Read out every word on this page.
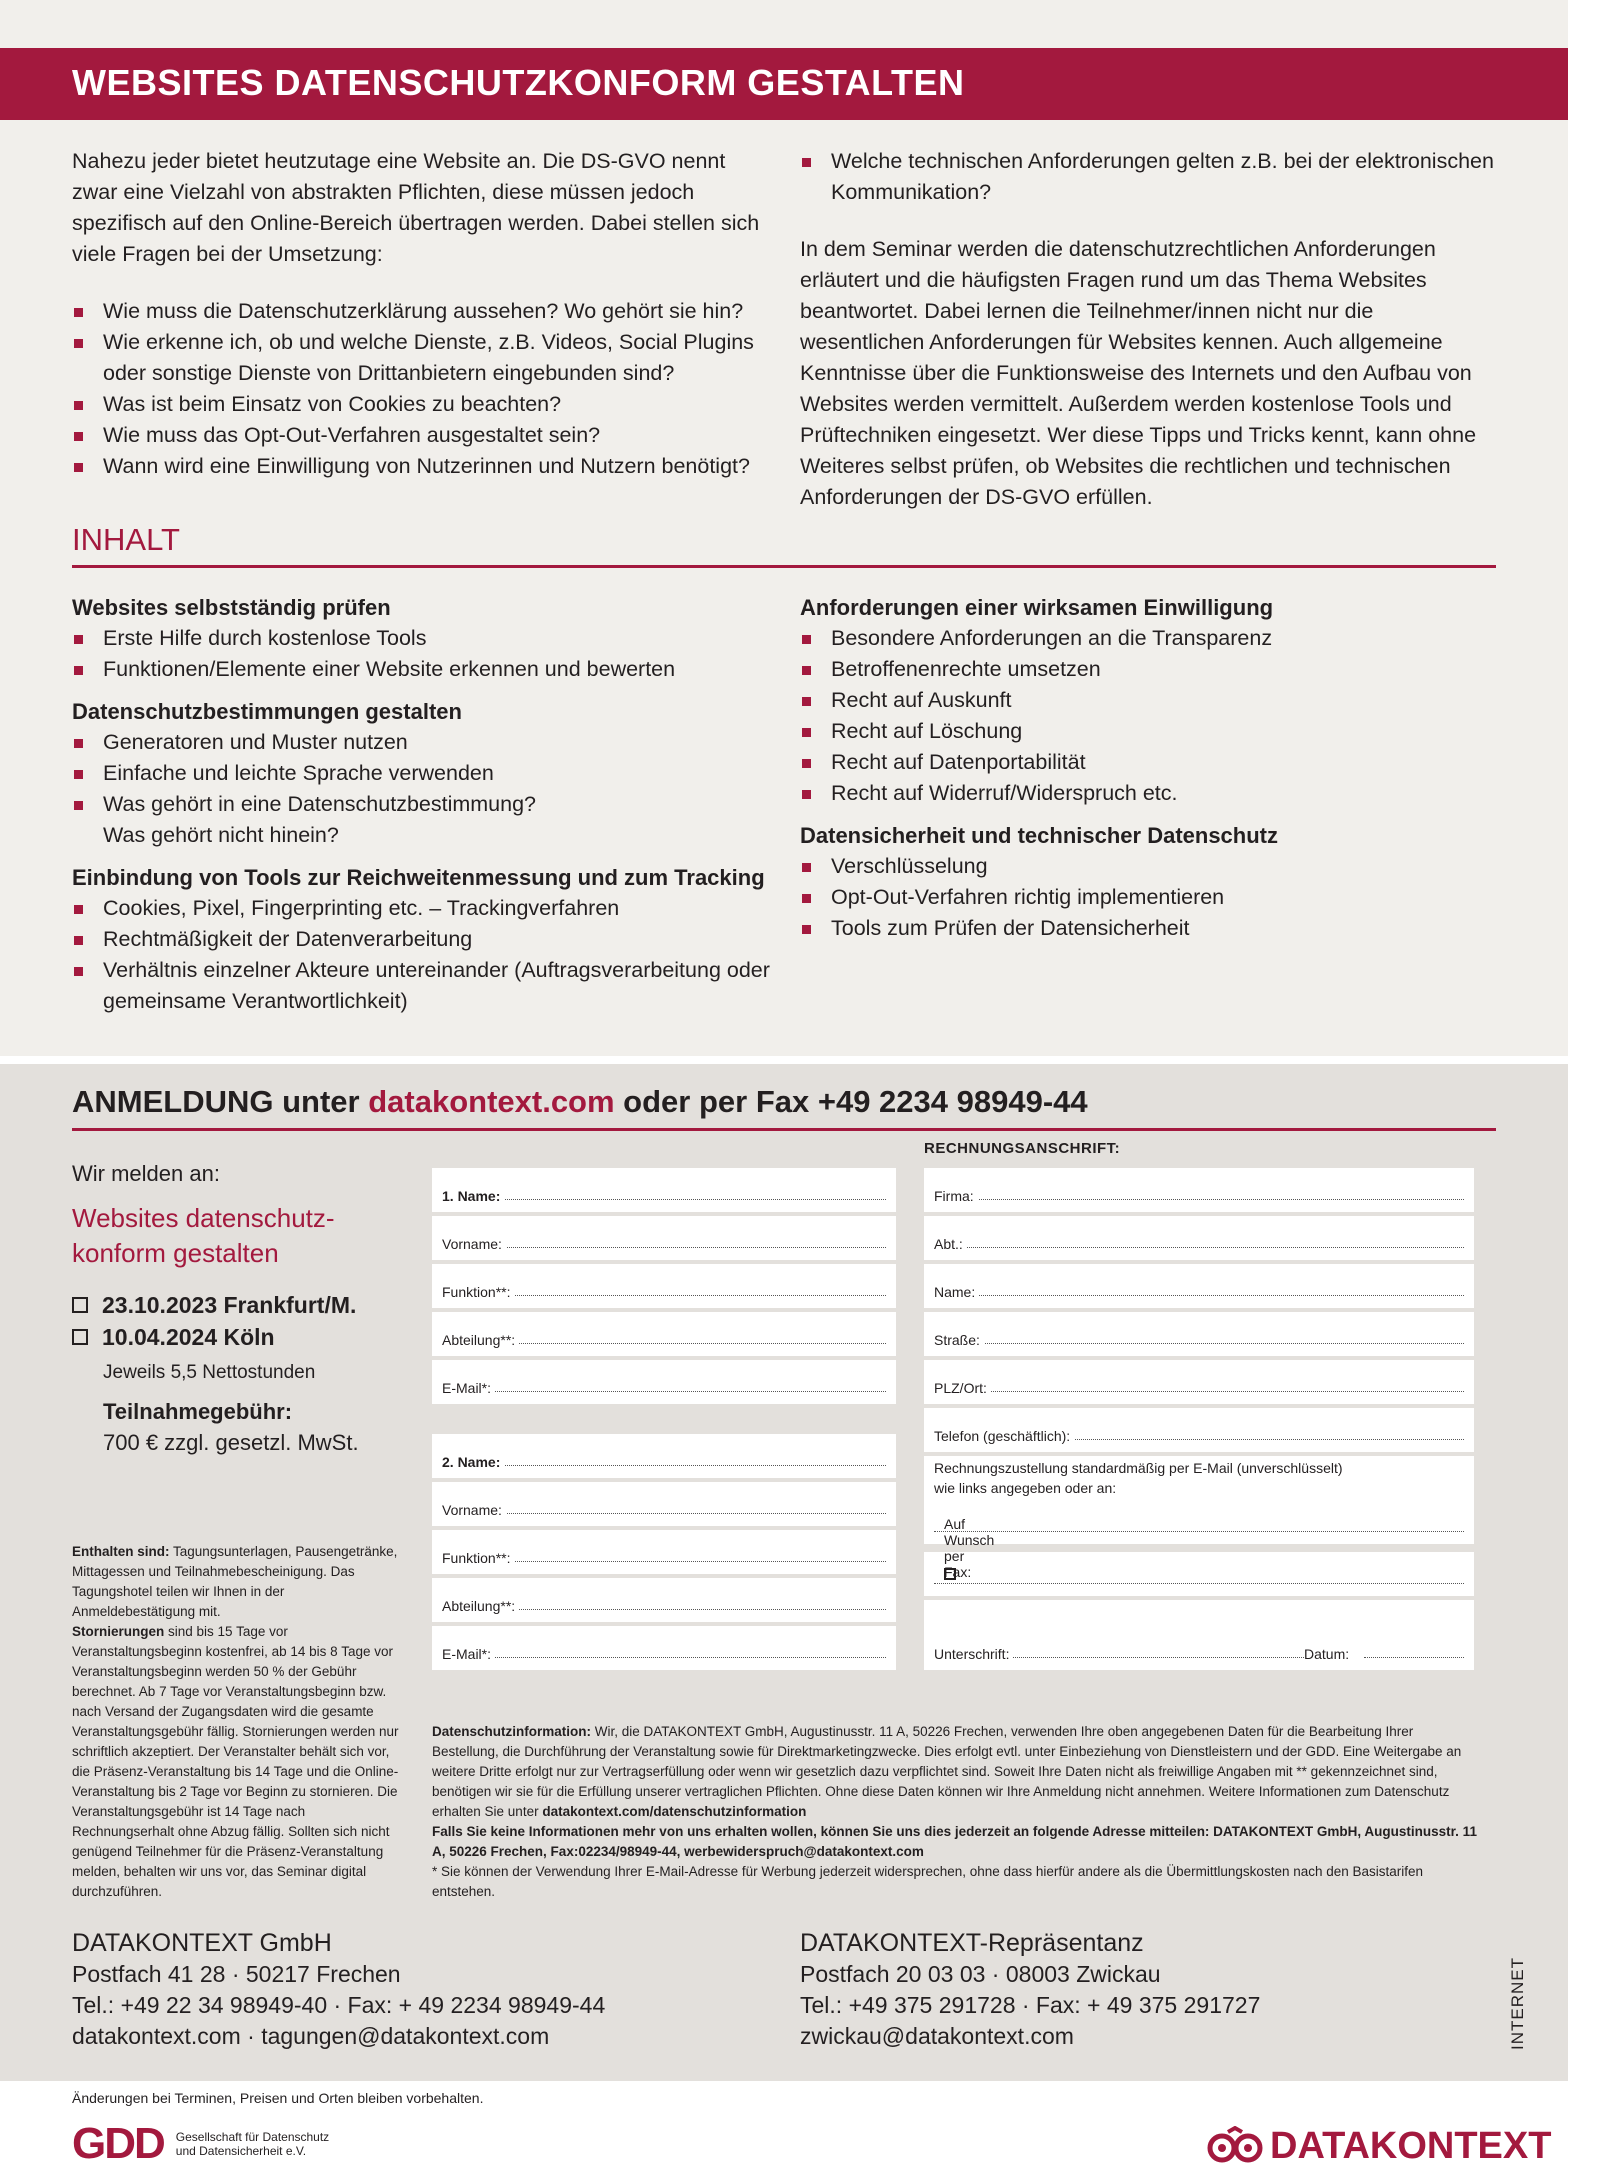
WEBSITES DATENSCHUTZKONFORM GESTALTEN

Nahezu jeder bietet heutzutage eine Website an. Die DS-GVO nennt zwar eine Vielzahl von abstrakten Pflichten, diese müssen jedoch spezifisch auf den Online-Bereich übertragen werden. Dabei stellen sich viele Fragen bei der Umsetzung:

Wie muss die Datenschutzerklärung aussehen? Wo gehört sie hin?
Wie erkenne ich, ob und welche Dienste, z.B. Videos, Social Plugins oder sonstige Dienste von Drittanbietern eingebunden sind?
Was ist beim Einsatz von Cookies zu beachten?
Wie muss das Opt-Out-Verfahren ausgestaltet sein?
Wann wird eine Einwilligung von Nutzerinnen und Nutzern benötigt?
Welche technischen Anforderungen gelten z.B. bei der elektronischen Kommunikation?

In dem Seminar werden die datenschutzrechtlichen Anforderungen erläutert und die häufigsten Fragen rund um das Thema Websites beantwortet. Dabei lernen die Teilnehmer/innen nicht nur die wesentlichen Anforderungen für Websites kennen. Auch allgemeine Kenntnisse über die Funktionsweise des Internets und den Aufbau von Websites werden vermittelt. Außerdem werden kostenlose Tools und Prüftechniken eingesetzt. Wer diese Tipps und Tricks kennt, kann ohne Weiteres selbst prüfen, ob Websites die rechtlichen und technischen Anforderungen der DS-GVO erfüllen.

INHALT
Websites selbstständig prüfen
Erste Hilfe durch kostenlose Tools
Funktionen/Elemente einer Website erkennen und bewerten
Datenschutzbestimmungen gestalten
Generatoren und Muster nutzen
Einfache und leichte Sprache verwenden
Was gehört in eine Datenschutzbestimmung? Was gehört nicht hinein?
Einbindung von Tools zur Reichweitenmessung und zum Tracking
Cookies, Pixel, Fingerprinting etc. – Trackingverfahren
Rechtmäßigkeit der Datenverarbeitung
Verhältnis einzelner Akteure untereinander (Auftragsverarbeitung oder gemeinsame Verantwortlichkeit)
Anforderungen einer wirksamen Einwilligung
Besondere Anforderungen an die Transparenz
Betroffenenrechte umsetzen
Recht auf Auskunft
Recht auf Löschung
Recht auf Datenportabilität
Recht auf Widerruf/Widerspruch etc.
Datensicherheit und technischer Datenschutz
Verschlüsselung
Opt-Out-Verfahren richtig implementieren
Tools zum Prüfen der Datensicherheit
ANMELDUNG unter datakontext.com oder per Fax +49 2234 98949-44
Wir melden an:
Websites datenschutz-
konform gestalten
23.10.2023 Frankfurt/M.
10.04.2024 Köln
Jeweils 5,5 Nettostunden
Teilnahmegebühr:
700 € zzgl. gesetzl. MwSt.
Enthalten sind: Tagungsunterlagen, Pausengetränke, Mittagessen und Teilnahmebescheinigung. Das Tagungshotel teilen wir Ihnen in der Anmeldebestätigung mit.
Stornierungen sind bis 15 Tage vor Veranstaltungsbeginn kostenfrei, ab 14 bis 8 Tage vor Veranstaltungsbeginn werden 50 % der Gebühr berechnet. Ab 7 Tage vor Veranstaltungsbeginn bzw. nach Versand der Zugangsdaten wird die gesamte Veranstaltungsgebühr fällig. Stornierungen werden nur schriftlich akzeptiert. Der Veranstalter behält sich vor, die Präsenz-Veranstaltung bis 14 Tage und die Online-Veranstaltung bis 2 Tage vor Beginn zu stornieren. Die Veranstaltungsgebühr ist 14 Tage nach Rechnungserhalt ohne Abzug fällig. Sollten sich nicht genügend Teilnehmer für die Präsenz-Veranstaltung melden, behalten wir uns vor, das Seminar digital durchzuführen.
1. Name:
Vorname:
Funktion**:
Abteilung**:
E-Mail*:
2. Name:
Vorname:
Funktion**:
Abteilung**:
E-Mail*:
RECHNUNGSANSCHRIFT:
Firma:
Abt.:
Name:
Straße:
PLZ/Ort:
Telefon (geschäftlich):
Rechnungszustellung standardmäßig per E-Mail (unverschlüsselt) wie links angegeben oder an:
Auf Wunsch per Fax:
Unterschrift:	Datum:
Datenschutzinformation: Wir, die DATAKONTEXT GmbH, Augustinusstr. 11 A, 50226 Frechen, verwenden Ihre oben angegebenen Daten für die Bearbeitung Ihrer Bestellung, die Durchführung der Veranstaltung sowie für Direktmarketingzwecke. Dies erfolgt evtl. unter Einbeziehung von Dienstleistern und der GDD. Eine Weitergabe an weitere Dritte erfolgt nur zur Vertragserfüllung oder wenn wir gesetzlich dazu verpflichtet sind. Soweit Ihre Daten nicht als freiwillige Angaben mit ** gekennzeichnet sind, benötigen wir sie für die Erfüllung unserer vertraglichen Pflichten. Ohne diese Daten können wir Ihre Anmeldung nicht annehmen. Weitere Informationen zum Datenschutz erhalten Sie unter datakontext.com/datenschutzinformation
Falls Sie keine Informationen mehr von uns erhalten wollen, können Sie uns dies jederzeit an folgende Adresse mitteilen: DATAKONTEXT GmbH, Augustinusstr. 11 A, 50226 Frechen, Fax:02234/98949-44, werbewiderspruch@datakontext.com
* Sie können der Verwendung Ihrer E-Mail-Adresse für Werbung jederzeit widersprechen, ohne dass hierfür andere als die Übermittlungskosten nach den Basistarifen entstehen.
DATAKONTEXT GmbH
Postfach 41 28 · 50217 Frechen
Tel.: +49 22 34 98949-40 · Fax: + 49 2234 98949-44
datakontext.com · tagungen@datakontext.com
DATAKONTEXT-Repräsentanz
Postfach 20 03 03 · 08003 Zwickau
Tel.: +49 375 291728 · Fax: + 49 375 291727
zwickau@datakontext.com	INTERNET
Änderungen bei Terminen, Preisen und Orten bleiben vorbehalten.
GDD Gesellschaft für Datenschutz
und Datensicherheit e.V.	DATAKONTEXT
